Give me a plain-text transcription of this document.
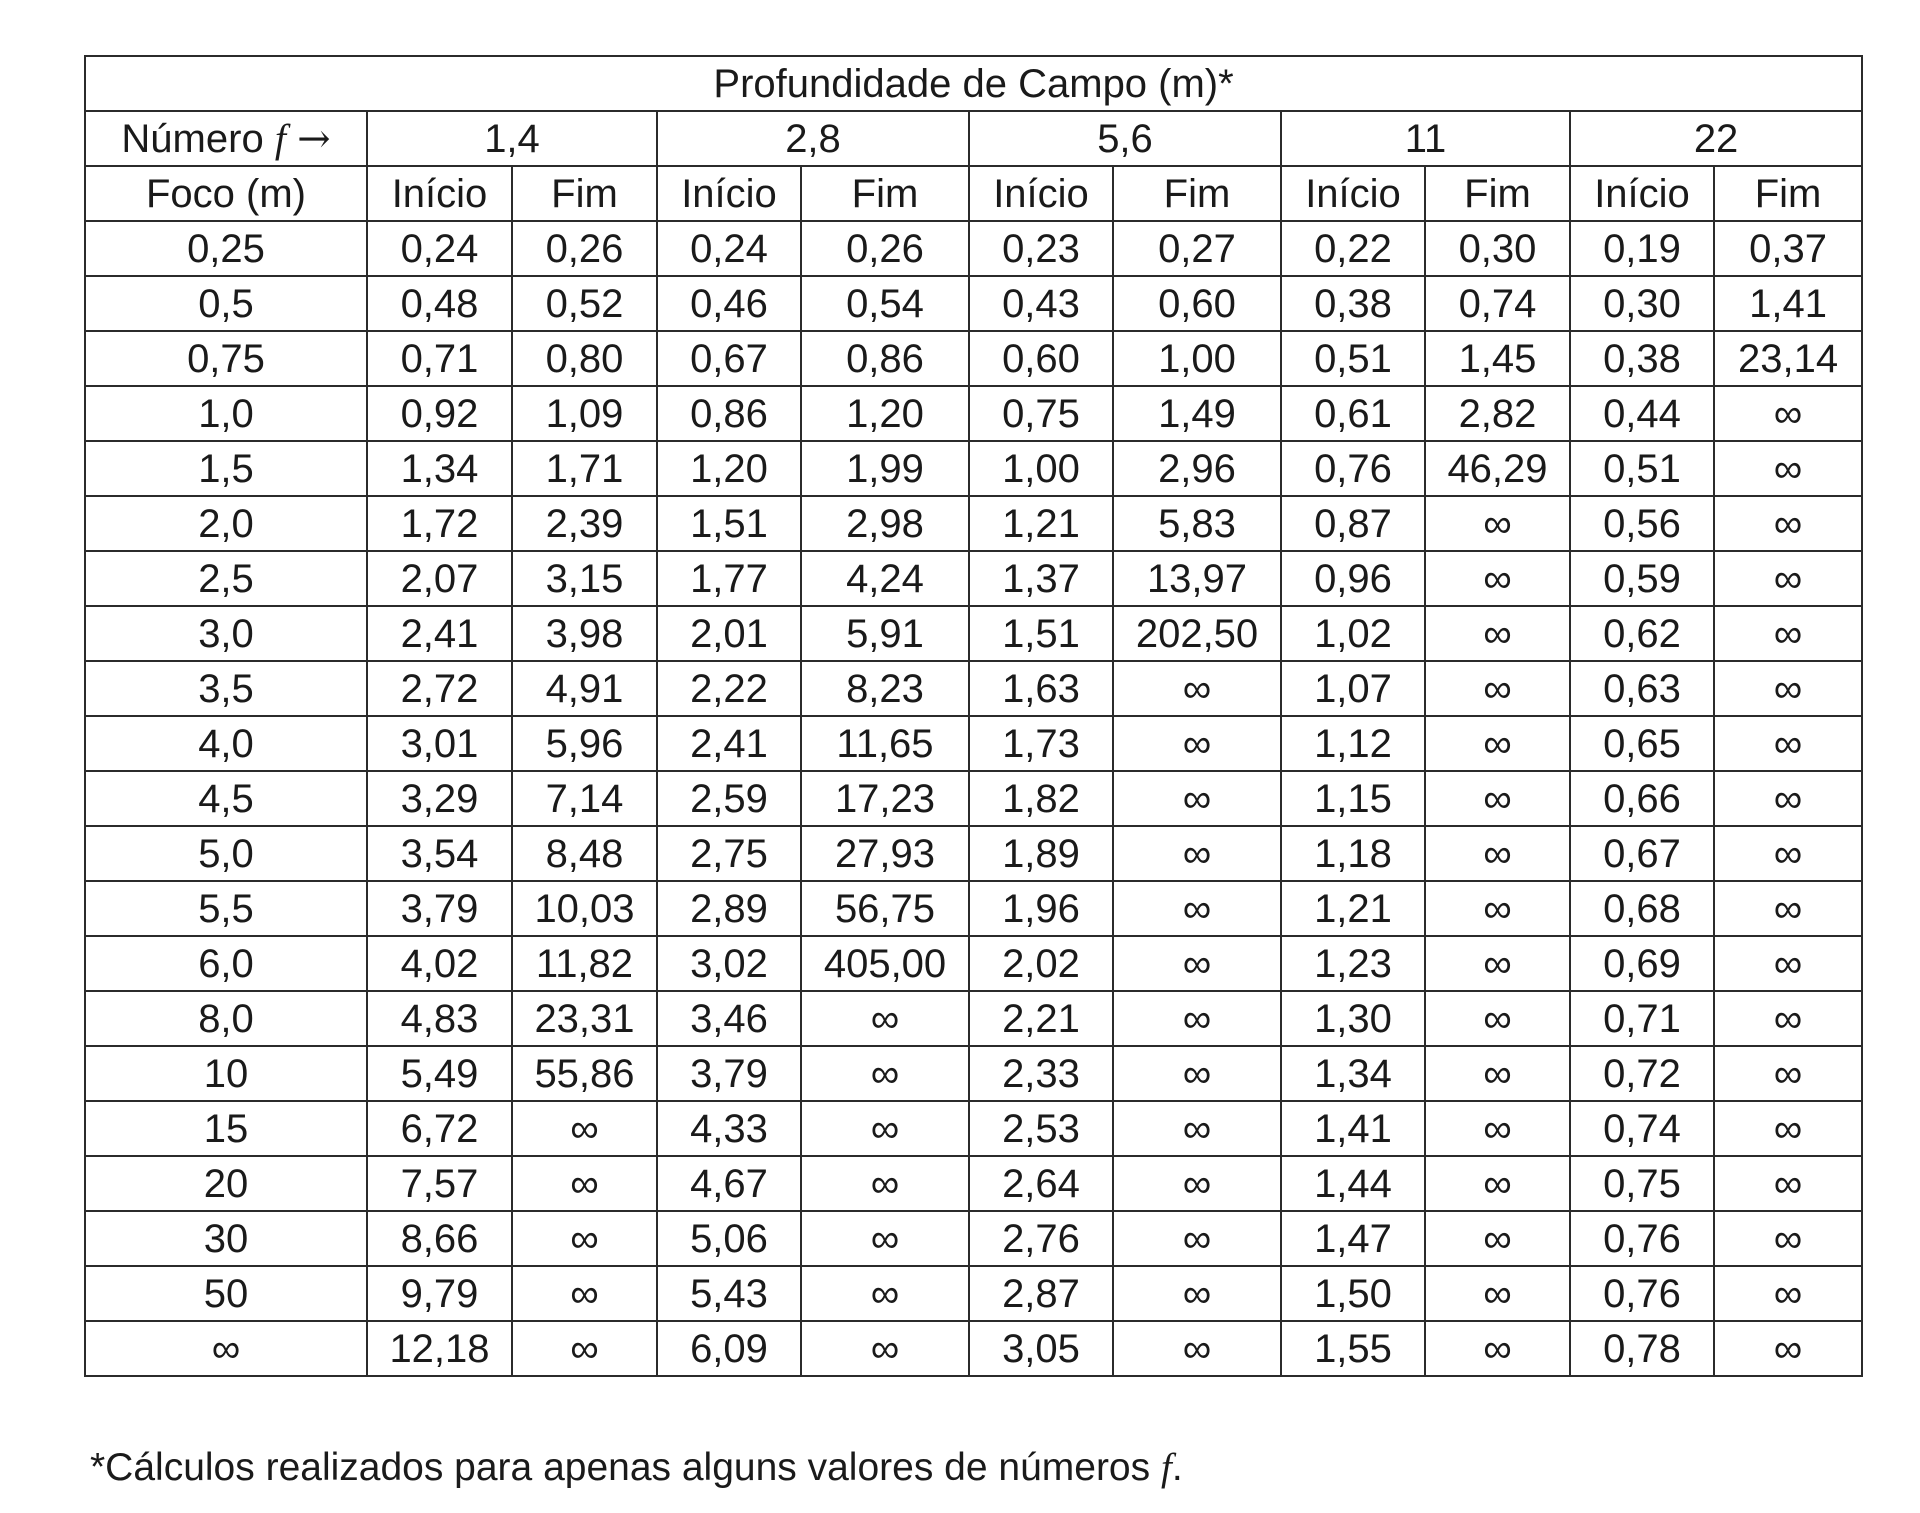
Profundidade de Campo (m)*										
Número f →	1,4		2,8		5,6		11		22	
Foco (m)	Início	Fim	Início	Fim	Início	Fim	Início	Fim	Início	Fim
0,25	0,24	0,26	0,24	0,26	0,23	0,27	0,22	0,30	0,19	0,37
0,5	0,48	0,52	0,46	0,54	0,43	0,60	0,38	0,74	0,30	1,41
0,75	0,71	0,80	0,67	0,86	0,60	1,00	0,51	1,45	0,38	23,14
1,0	0,92	1,09	0,86	1,20	0,75	1,49	0,61	2,82	0,44	∞
1,5	1,34	1,71	1,20	1,99	1,00	2,96	0,76	46,29	0,51	∞
2,0	1,72	2,39	1,51	2,98	1,21	5,83	0,87	∞	0,56	∞
2,5	2,07	3,15	1,77	4,24	1,37	13,97	0,96	∞	0,59	∞
3,0	2,41	3,98	2,01	5,91	1,51	202,50	1,02	∞	0,62	∞
3,5	2,72	4,91	2,22	8,23	1,63	∞	1,07	∞	0,63	∞
4,0	3,01	5,96	2,41	11,65	1,73	∞	1,12	∞	0,65	∞
4,5	3,29	7,14	2,59	17,23	1,82	∞	1,15	∞	0,66	∞
5,0	3,54	8,48	2,75	27,93	1,89	∞	1,18	∞	0,67	∞
5,5	3,79	10,03	2,89	56,75	1,96	∞	1,21	∞	0,68	∞
6,0	4,02	11,82	3,02	405,00	2,02	∞	1,23	∞	0,69	∞
8,0	4,83	23,31	3,46	∞	2,21	∞	1,30	∞	0,71	∞
10	5,49	55,86	3,79	∞	2,33	∞	1,34	∞	0,72	∞
15	6,72	∞	4,33	∞	2,53	∞	1,41	∞	0,74	∞
20	7,57	∞	4,67	∞	2,64	∞	1,44	∞	0,75	∞
30	8,66	∞	5,06	∞	2,76	∞	1,47	∞	0,76	∞
50	9,79	∞	5,43	∞	2,87	∞	1,50	∞	0,76	∞
∞	12,18	∞	6,09	∞	3,05	∞	1,55	∞	0,78	∞
*Cálculos realizados para apenas alguns valores de números f.
